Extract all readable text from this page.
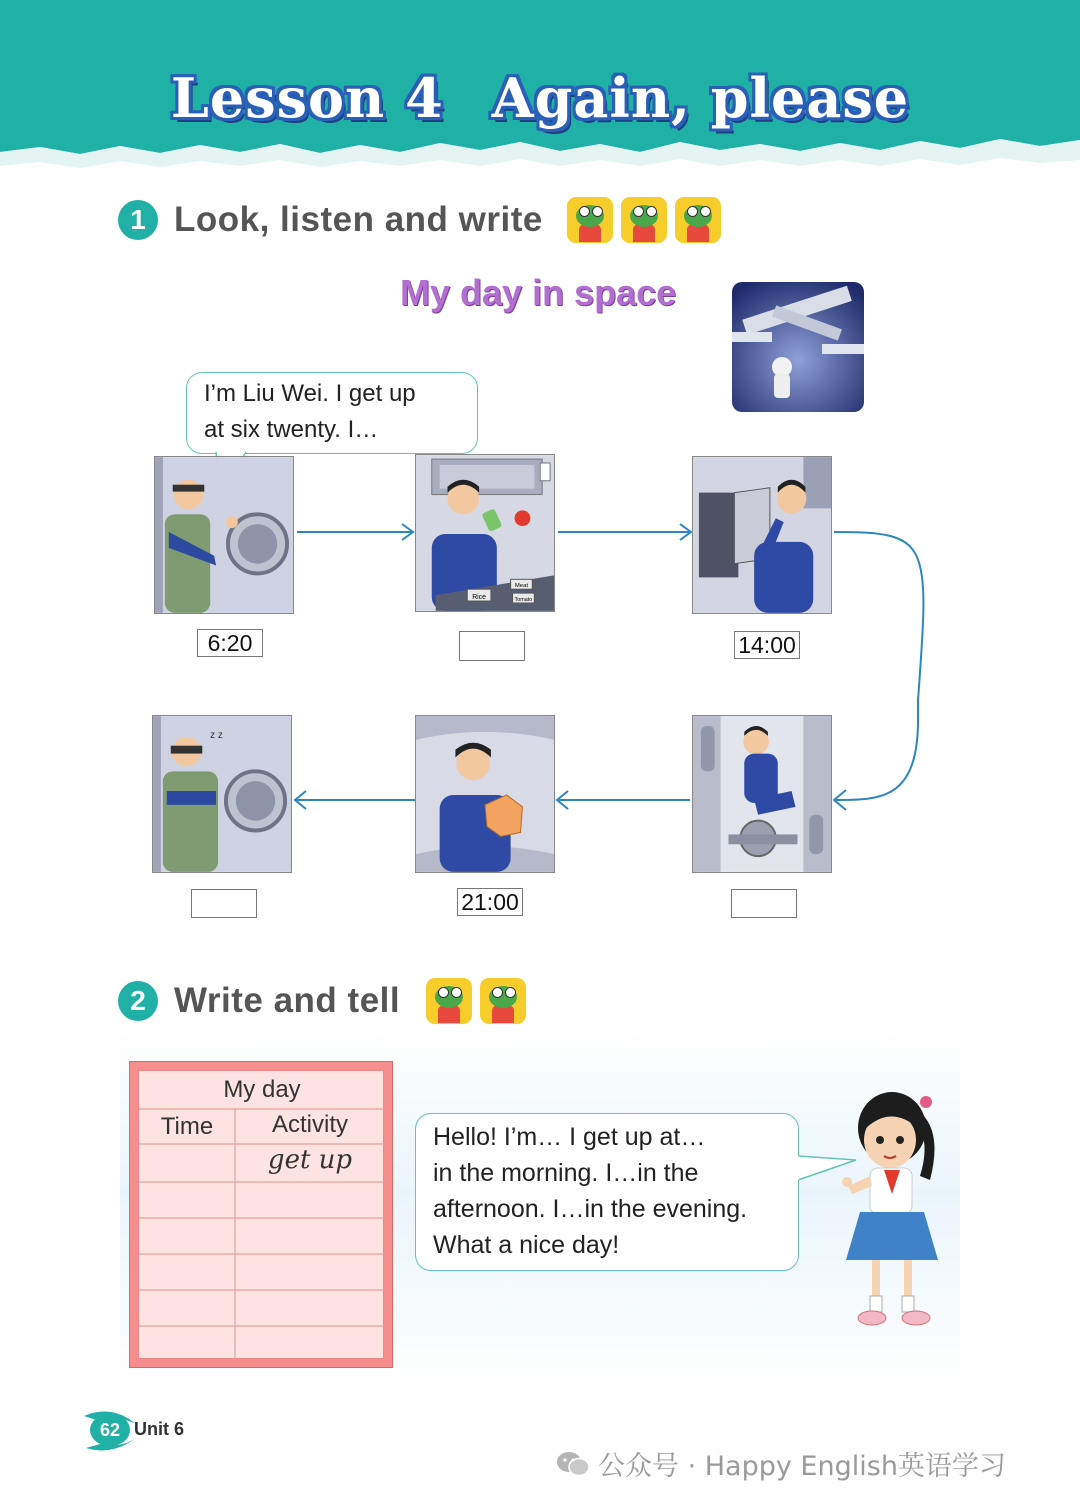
Lesson 4 Again, please
1 Look, listen and write
My day in space
I’m Liu Wei. I get up
at six twenty. I…
Rice
Meat
Tomato
z z
6:20	14:00
21:00
2 Write and tell
My day
Time	Activity
get up
Hello! I’m… I get up at…
in the morning. I…in the
afternoon. I…in the evening.
What a nice day!
62 Unit 6
公众号 · Happy English英语学习
